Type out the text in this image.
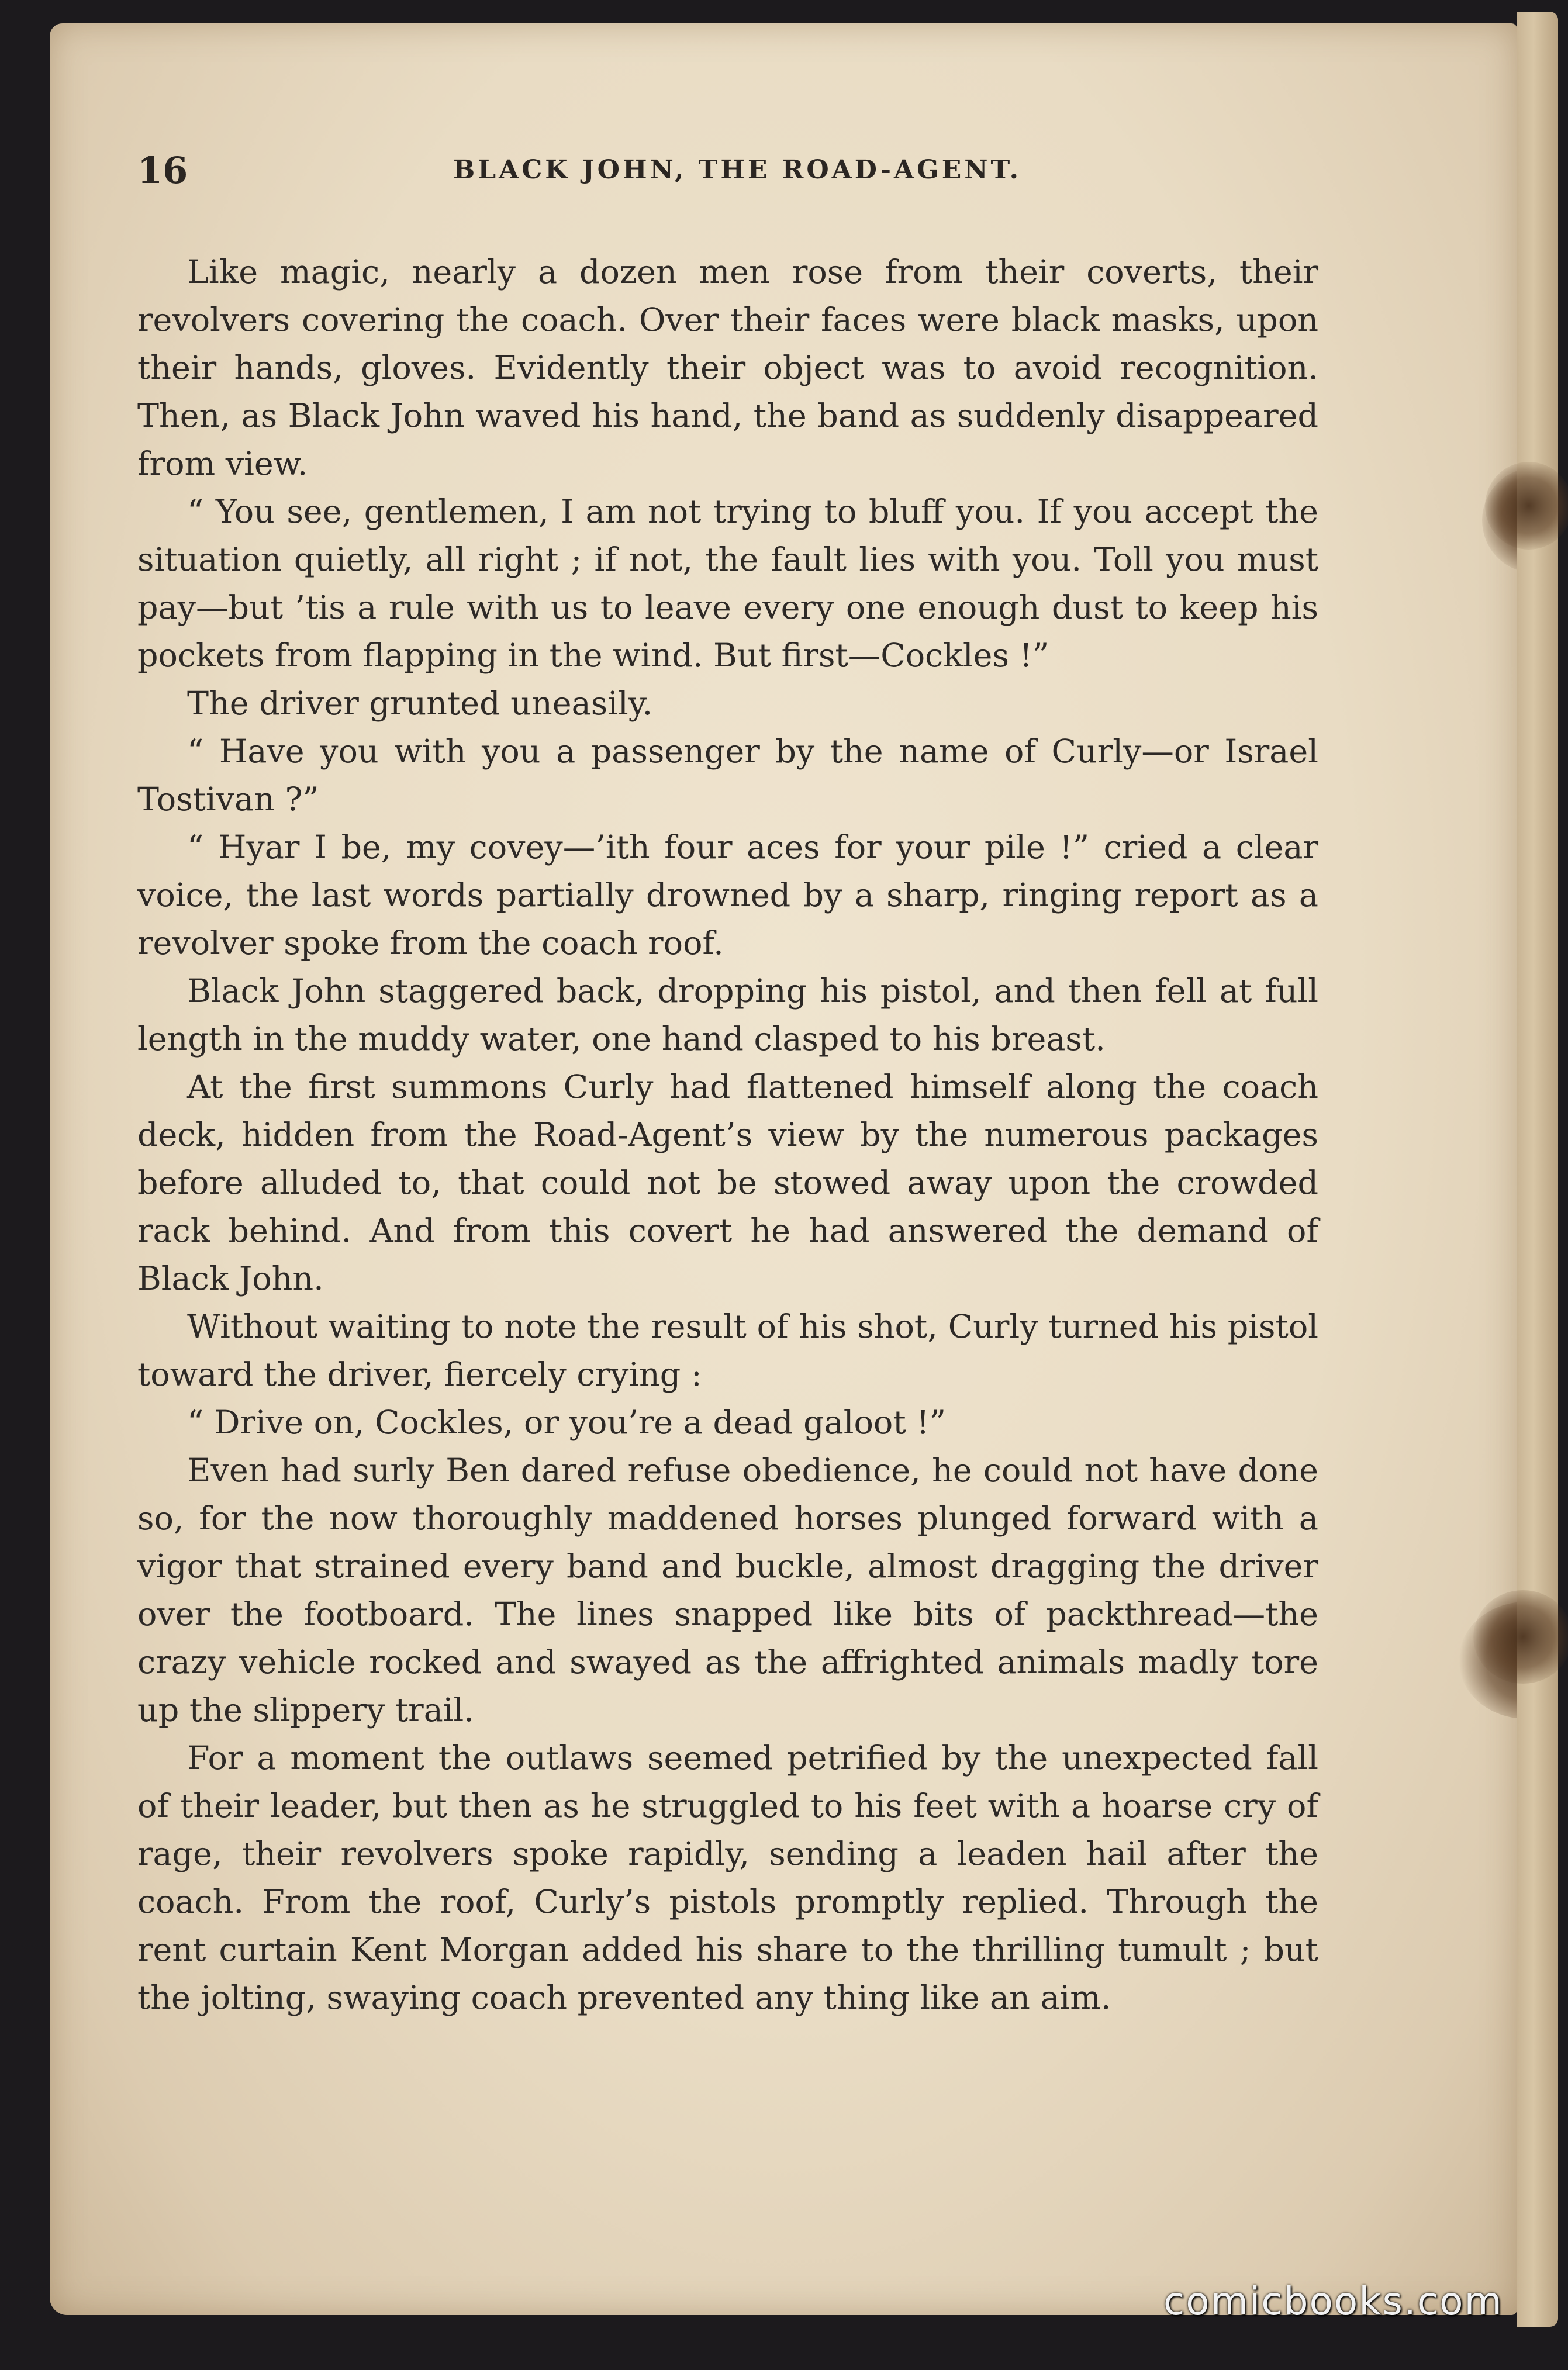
16	BLACK JOHN, THE ROAD-AGENT.

Like magic, nearly a dozen men rose from their coverts, their revolvers covering the coach. Over their faces were black masks, upon their hands, gloves. Evidently their object was to avoid recognition. Then, as Black John waved his hand, the band as suddenly disappeared from view.

“ You see, gentlemen, I am not trying to bluff you. If you accept the situation quietly, all right ; if not, the fault lies with you. Toll you must pay—but ’tis a rule with us to leave every one enough dust to keep his pockets from flapping in the wind. But first—Cockles !”

The driver grunted uneasily.

“ Have you with you a passenger by the name of Curly—or Israel Tostivan ?”

“ Hyar I be, my covey—’ith four aces for your pile !” cried a clear voice, the last words partially drowned by a sharp, ringing report as a revolver spoke from the coach roof.

Black John staggered back, dropping his pistol, and then fell at full length in the muddy water, one hand clasped to his breast.

At the first summons Curly had flattened himself along the coach deck, hidden from the Road-Agent’s view by the numerous packages before alluded to, that could not be stowed away upon the crowded rack behind. And from this covert he had answered the demand of Black John.

Without waiting to note the result of his shot, Curly turned his pistol toward the driver, fiercely crying :

“ Drive on, Cockles, or you’re a dead galoot !”

Even had surly Ben dared refuse obedience, he could not have done so, for the now thoroughly maddened horses plunged forward with a vigor that strained every band and buckle, almost dragging the driver over the footboard. The lines snapped like bits of packthread—the crazy vehicle rocked and swayed as the affrighted animals madly tore up the slippery trail.

For a moment the outlaws seemed petrified by the unexpected fall of their leader, but then as he struggled to his feet with a hoarse cry of rage, their revolvers spoke rapidly, sending a leaden hail after the coach. From the roof, Curly’s pistols promptly replied. Through the rent curtain Kent Morgan added his share to the thrilling tumult ; but the jolting, swaying coach prevented any thing like an aim.

comicbooks.com
